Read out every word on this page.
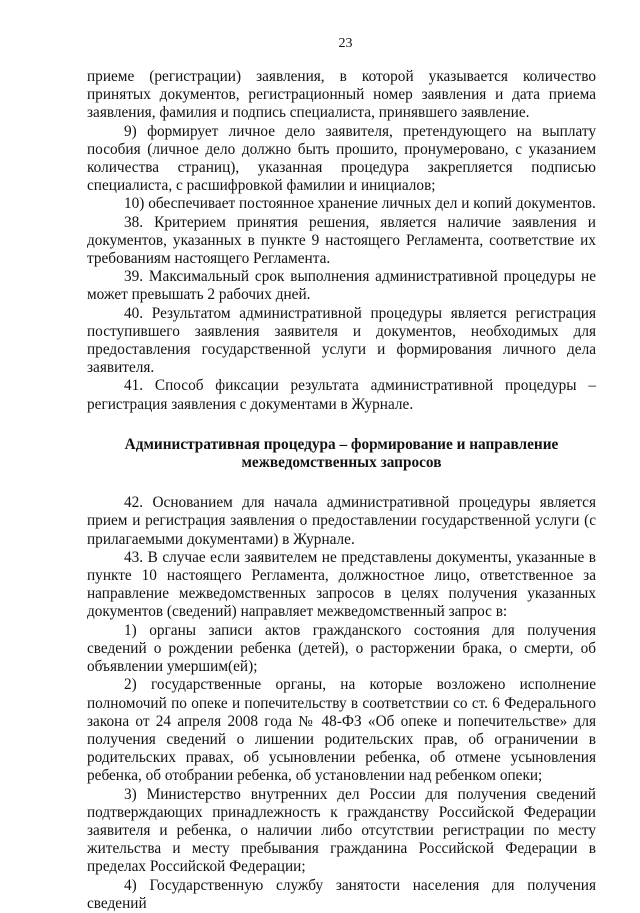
23

приеме (регистрации) заявления, в которой указывается количество принятых документов, регистрационный номер заявления и дата приема заявления, фамилия и подпись специалиста, принявшего заявление.

9) формирует личное дело заявителя, претендующего на выплату пособия (личное дело должно быть прошито, пронумеровано, с указанием количества страниц), указанная процедура закрепляется подписью специалиста, с расшифровкой фамилии и инициалов;

10) обеспечивает постоянное хранение личных дел и копий документов.

38. Критерием принятия решения, является наличие заявления и документов, указанных в пункте 9 настоящего Регламента, соответствие их требованиям настоящего Регламента.

39. Максимальный срок выполнения административной процедуры не может превышать 2 рабочих дней.

40. Результатом административной процедуры является регистрация поступившего заявления заявителя и документов, необходимых для предоставления государственной услуги и формирования личного дела заявителя.

41. Способ фиксации результата административной процедуры – регистрация заявления с документами в Журнале.

Административная процедура – формирование и направление
межведомственных запросов

42. Основанием для начала административной процедуры является прием и регистрация заявления о предоставлении государственной услуги (с прилагаемыми документами) в Журнале.

43. В случае если заявителем не представлены документы, указанные в пункте 10 настоящего Регламента, должностное лицо, ответственное за направление межведомственных запросов в целях получения указанных документов (сведений) направляет межведомственный запрос в:

1) органы записи актов гражданского состояния для получения сведений о рождении ребенка (детей), о расторжении брака, о смерти, об объявлении умершим(ей);

2) государственные органы, на которые возложено исполнение полномочий по опеке и попечительству в соответствии со ст. 6 Федерального закона от 24 апреля 2008 года № 48-ФЗ «Об опеке и попечительстве» для получения сведений о лишении родительских прав, об ограничении в родительских правах, об усыновлении ребенка, об отмене усыновления ребенка, об отобрании ребенка, об установлении над ребенком опеки;

3) Министерство внутренних дел России для получения сведений подтверждающих принадлежность к гражданству Российской Федерации заявителя и ребенка, о наличии либо отсутствии регистрации по месту жительства и месту пребывания гражданина Российской Федерации в пределах Российской Федерации;

4) Государственную службу занятости населения для получения сведений
